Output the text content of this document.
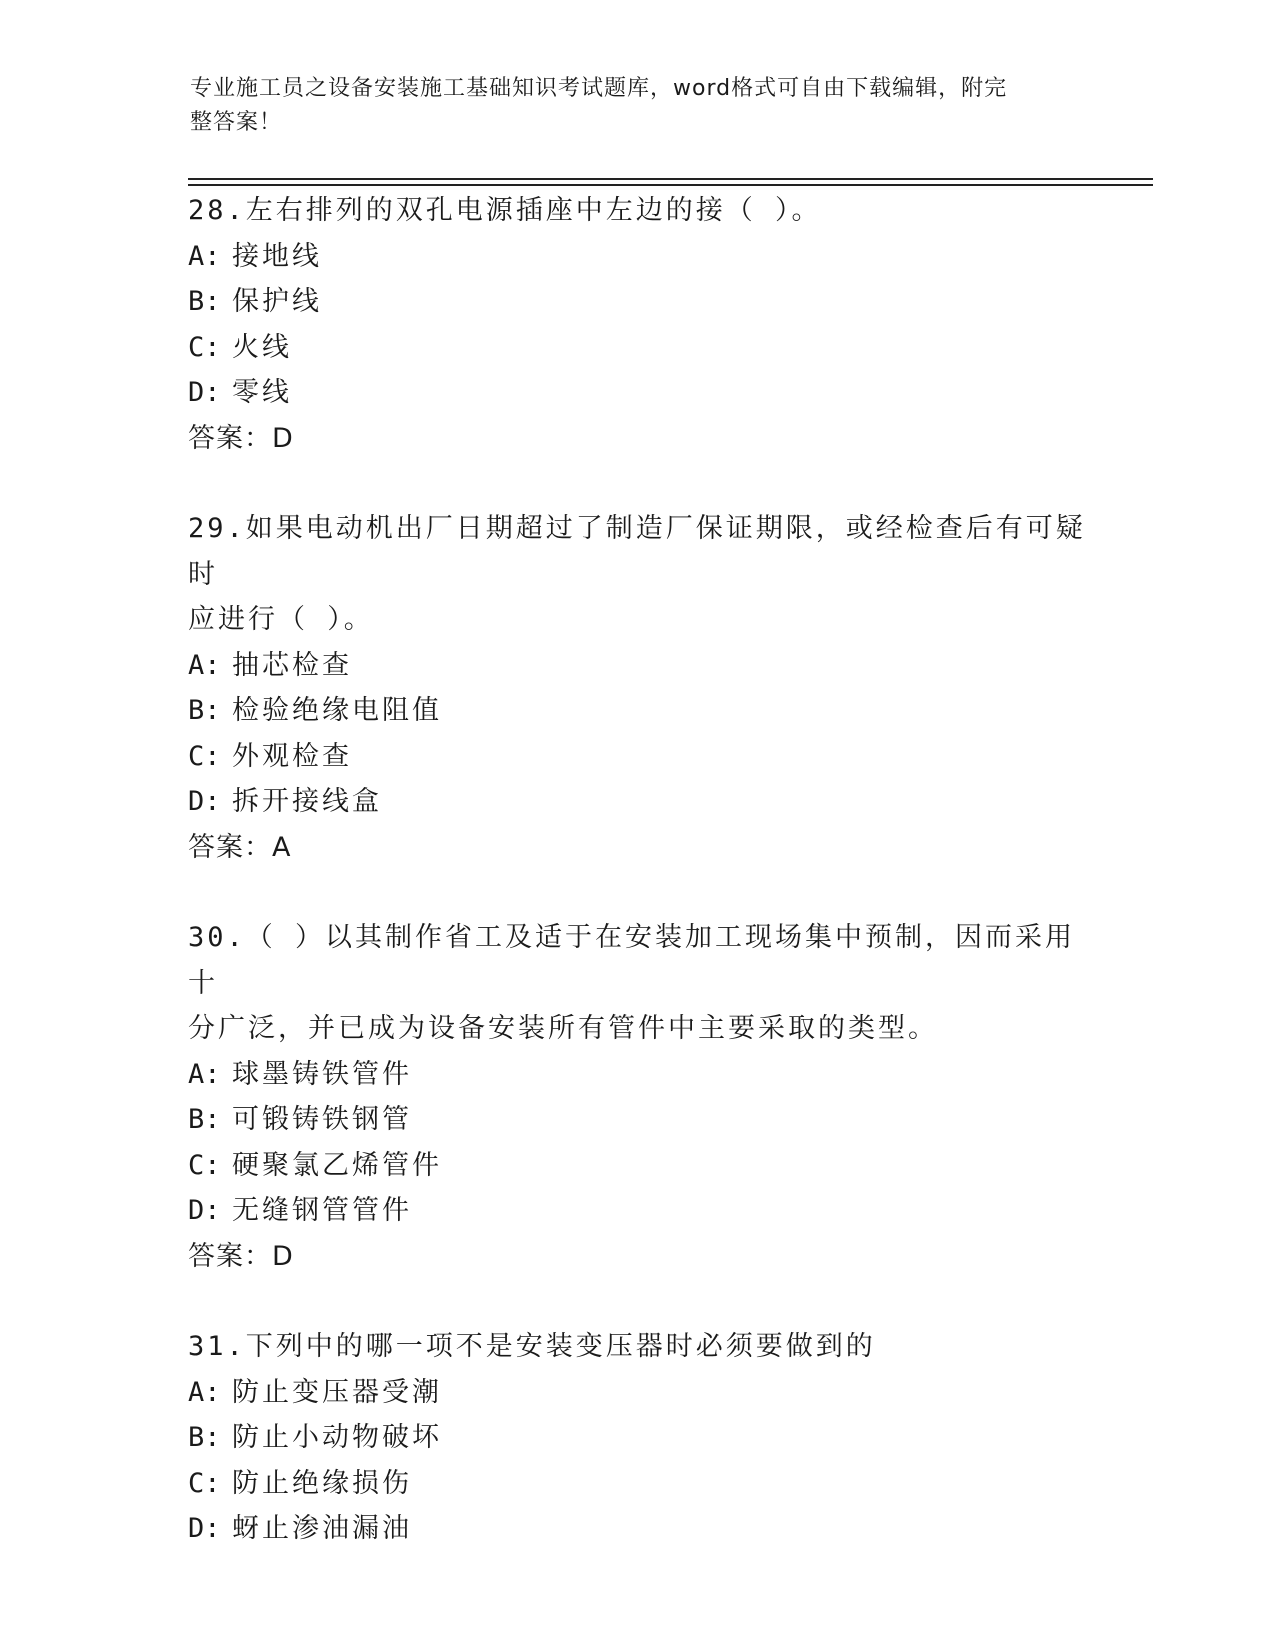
专业施工员之设备安装施工基础知识考试题库，word格式可自由下载编辑，附完
整答案！
28.左右排列的双孔电源插座中左边的接（ ）。
A: 接地线
B: 保护线
C: 火线
D: 零线
答案：D
29.如果电动机出厂日期超过了制造厂保证期限，或经检查后有可疑时
应进行（ ）。
A: 抽芯检查
B: 检验绝缘电阻值
C: 外观检查
D: 拆开接线盒
答案：A
30.（ ）以其制作省工及适于在安装加工现场集中预制，因而采用十
分广泛，并已成为设备安装所有管件中主要采取的类型。
A: 球墨铸铁管件
B: 可锻铸铁钢管
C: 硬聚氯乙烯管件
D: 无缝钢管管件
答案：D
31.下列中的哪一项不是安装变压器时必须要做到的
A: 防止变压器受潮
B: 防止小动物破坏
C: 防止绝缘损伤
D: 蚜止渗油漏油
